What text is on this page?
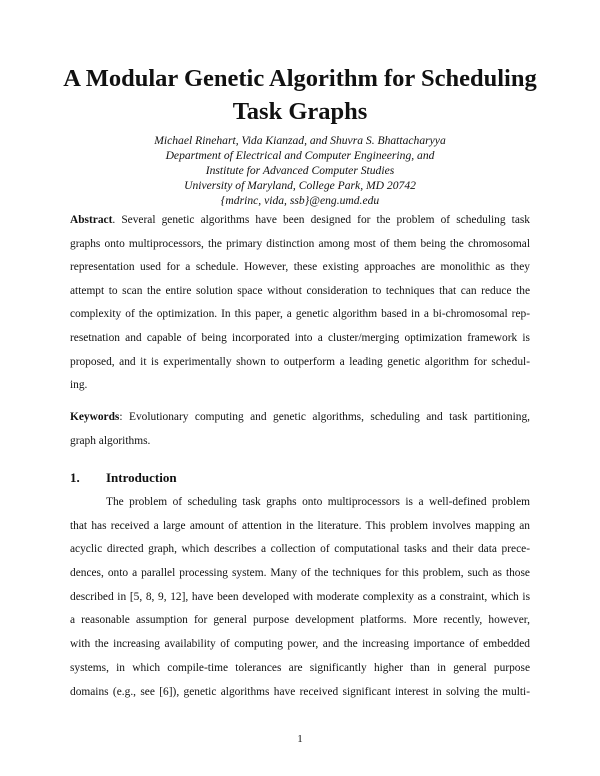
A Modular Genetic Algorithm for Scheduling
Task Graphs
Michael Rinehart, Vida Kianzad, and Shuvra S. Bhattacharyya
Department of Electrical and Computer Engineering, and
Institute for Advanced Computer Studies
University of Maryland, College Park, MD 20742
{mdrinc, vida, ssb}@eng.umd.edu
Abstract. Several genetic algorithms have been designed for the problem of scheduling task
graphs onto multiprocessors, the primary distinction among most of them being the chromosomal
representation used for a schedule. However, these existing approaches are monolithic as they
attempt to scan the entire solution space without consideration to techniques that can reduce the
complexity of the optimization. In this paper, a genetic algorithm based in a bi-chromosomal rep-
resetnation and capable of being incorporated into a cluster/merging optimization framework is
proposed, and it is experimentally shown to outperform a leading genetic algorithm for schedul-
ing.
Keywords: Evolutionary computing and genetic algorithms, scheduling and task partitioning,
graph algorithms.
1. Introduction
The problem of scheduling task graphs onto multiprocessors is a well-defined problem
that has received a large amount of attention in the literature. This problem involves mapping an
acyclic directed graph, which describes a collection of computational tasks and their data prece-
dences, onto a parallel processing system. Many of the techniques for this problem, such as those
described in [5, 8, 9, 12], have been developed with moderate complexity as a constraint, which is
a reasonable assumption for general purpose development platforms. More recently, however,
with the increasing availability of computing power, and the increasing importance of embedded
systems, in which compile-time tolerances are significantly higher than in general purpose
domains (e.g., see [6]), genetic algorithms have received significant interest in solving the multi-
1
